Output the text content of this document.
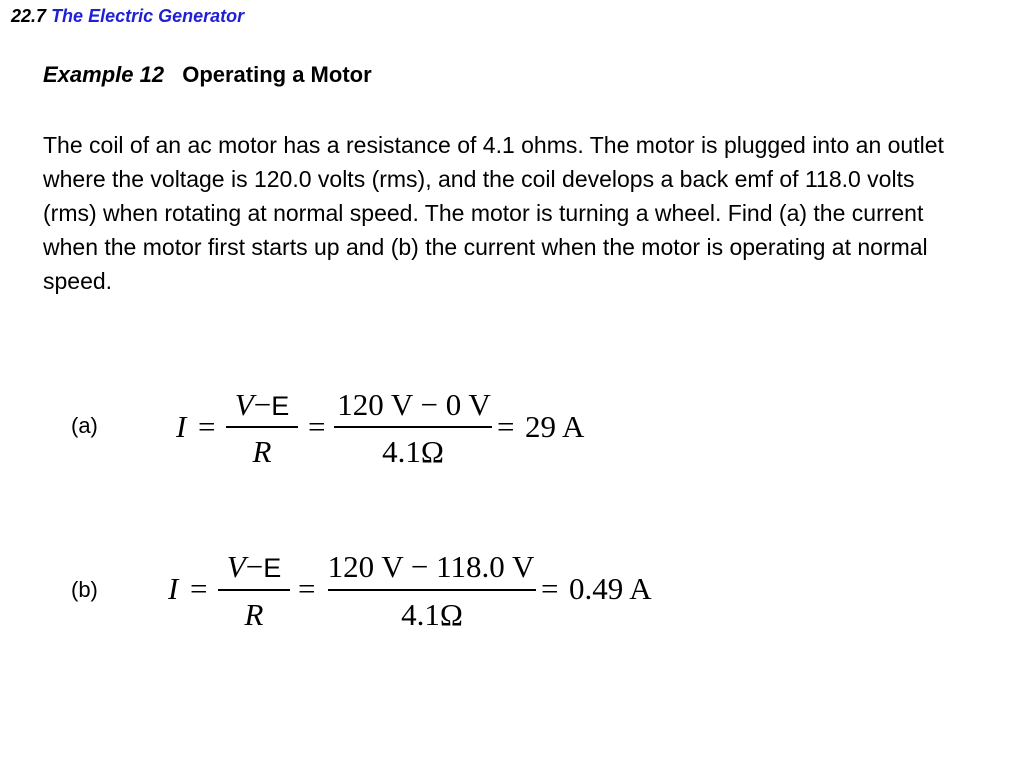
22.7 The Electric Generator
Example 12 Operating a Motor

The coil of an ac motor has a resistance of 4.1 ohms. The motor is plugged into an outlet where the voltage is 120.0 volts (rms), and the coil develops a back emf of 118.0 volts (rms) when rotating at normal speed. The motor is turning a wheel. Find (a) the current when the motor first starts up and (b) the current when the motor is operating at normal speed.

(a)	I =
V−E
R
=
120 V − 0 V
4.1Ω
= 29 A
(b) I =
V−E
R
=
120 V − 118.0 V
4.1Ω
= 0.49 A
